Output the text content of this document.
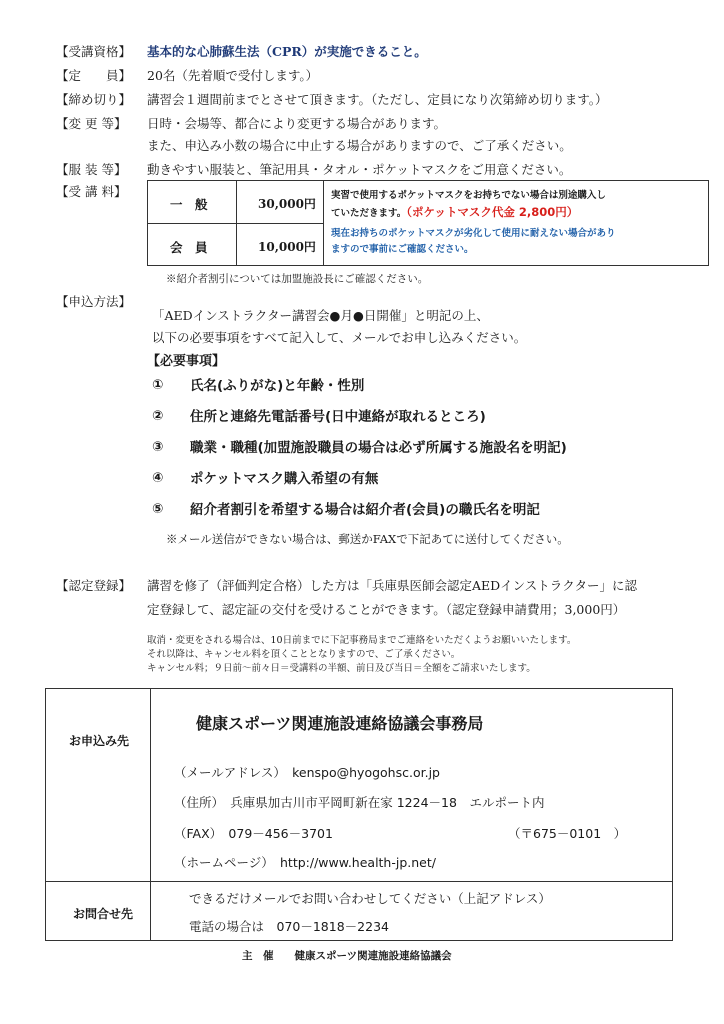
【受講資格】 基本的な心肺蘇生法（CPR）が実施できること。
【定　　員】 20名（先着順で受付します。）
【締め切り】 講習会１週間前までとさせて頂きます。（ただし、定員になり次第締め切ります。）
【変 更 等】 日時・会場等、都合により変更する場合があります。
また、申込み小数の場合に中止する場合がありますので、ご了承ください。
【服 装 等】 動きやすい服装と、筆記用具・タオル・ポケットマスクをご用意ください。
【受 講 料】
一　般	30,000円
会　員	10,000円
実習で使用するポケットマスクをお持ちでない場合は別途購入し
ていただきます。（ポケットマスク代金 2,800円）
現在お持ちのポケットマスクが劣化して使用に耐えない場合があり
ますので事前にご確認ください。
※紹介者割引については加盟施設長にご確認ください。
【申込方法】
「AEDインストラクター講習会●月●日開催」と明記の上、
以下の必要事項をすべて記入して、メールでお申し込みください。
【必要事項】
① 氏名(ふりがな)と年齢・性別
② 住所と連絡先電話番号(日中連絡が取れるところ)
③ 職業・職種(加盟施設職員の場合は必ず所属する施設名を明記)
④ ポケットマスク購入希望の有無
⑤ 紹介者割引を希望する場合は紹介者(会員)の職氏名を明記
※メール送信ができない場合は、郵送かFAXで下記あてに送付してください。
【認定登録】 講習を修了（評価判定合格）した方は「兵庫県医師会認定AEDインストラクター」に認
定登録して、認定証の交付を受けることができます。（認定登録申請費用；3,000円）
取消・変更をされる場合は、10日前までに下記事務局までご連絡をいただくようお願いいたします。
それ以降は、キャンセル料を頂くこととなりますので、ご了承ください。
キャンセル料；９日前～前々日＝受講料の半額、前日及び当日＝全額をご請求いたします。
お申込み先
健康スポーツ関連施設連絡協議会事務局
（メールアドレス）　kenspo@hyogohsc.or.jp
（住所）　兵庫県加古川市平岡町新在家 1224－18　エルポート内
（FAX）　079－456－3701	（〒675－0101　）
（ホームページ）　http://www.health-jp.net/
お問合せ先
できるだけメールでお問い合わせしてください（上記アドレス）
電話の場合は　070－1818－2234
主　催　　健康スポーツ関連施設連絡協議会
